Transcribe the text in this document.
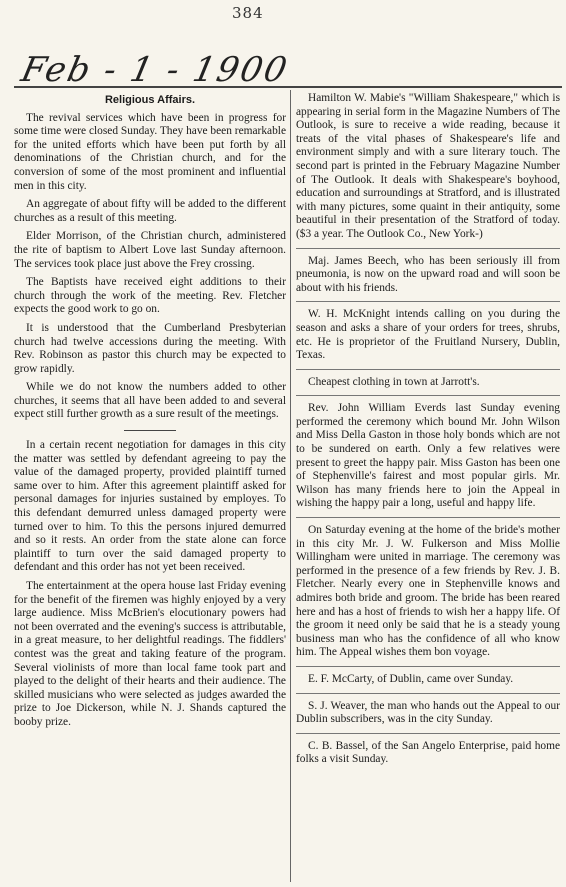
384
Feb - 1 - 1900
Religious Affairs.

The revival services which have been in progress for some time were closed Sunday. They have been remarkable for the united efforts which have been put forth by all denominations of the Christian church, and for the conversion of some of the most prominent and influential men in this city.

An aggregate of about fifty will be added to the different churches as a result of this meeting.

Elder Morrison, of the Christian church, administered the rite of baptism to Albert Love last Sunday afternoon. The services took place just above the Frey crossing.

The Baptists have received eight additions to their church through the work of the meeting. Rev. Fletcher expects the good work to go on.

It is understood that the Cumberland Presbyterian church had twelve accessions during the meeting. With Rev. Robinson as pastor this church may be expected to grow rapidly.

While we do not know the numbers added to other churches, it seems that all have been added to and several expect still further growth as a sure result of the meetings.

In a certain recent negotiation for damages in this city the matter was settled by defendant agreeing to pay the value of the damaged property, provided plaintiff turned same over to him. After this agreement plaintiff asked for personal damages for injuries sustained by employes. To this defendant demurred unless damaged property were turned over to him. To this the persons injured demurred and so it rests. An order from the state alone can force plaintiff to turn over the said damaged property to defendant and this order has not yet been received.

The entertainment at the opera house last Friday evening for the benefit of the firemen was highly enjoyed by a very large audience. Miss McBrien's elocutionary powers had not been overrated and the evening's success is attributable, in a great measure, to her delightful readings. The fiddlers' contest was the great and taking feature of the program. Several violinists of more than local fame took part and played to the delight of their hearts and their audience. The skilled musicians who were selected as judges awarded the prize to Joe Dickerson, while N. J. Shands captured the booby prize.

Hamilton W. Mabie's "William Shakespeare," which is appearing in serial form in the Magazine Numbers of The Outlook, is sure to receive a wide reading, because it treats of the vital phases of Shakespeare's life and environment simply and with a sure literary touch. The second part is printed in the February Magazine Number of The Outlook. It deals with Shakespeare's boyhood, education and surroundings at Stratford, and is illustrated with many pictures, some quaint in their antiquity, some beautiful in their presentation of the Stratford of today. ($3 a year. The Outlook Co., New York-)

Maj. James Beech, who has been seriously ill from pneumonia, is now on the upward road and will soon be about with his friends.

W. H. McKnight intends calling on you during the season and asks a share of your orders for trees, shrubs, etc. He is proprietor of the Fruitland Nursery, Dublin, Texas.

Cheapest clothing in town at Jarrott's.

Rev. John William Everds last Sunday evening performed the ceremony which bound Mr. John Wilson and Miss Della Gaston in those holy bonds which are not to be sundered on earth. Only a few relatives were present to greet the happy pair. Miss Gaston has been one of Stephenville's fairest and most popular girls. Mr. Wilson has many friends here to join the Appeal in wishing the happy pair a long, useful and happy life.

On Saturday evening at the home of the bride's mother in this city Mr. J. W. Fulkerson and Miss Mollie Willingham were united in marriage. The ceremony was performed in the presence of a few friends by Rev. J. B. Fletcher. Nearly every one in Stephenville knows and admires both bride and groom. The bride has been reared here and has a host of friends to wish her a happy life. Of the groom it need only be said that he is a steady young business man who has the confidence of all who know him. The Appeal wishes them bon voyage.

E. F. McCarty, of Dublin, came over Sunday.

S. J. Weaver, the man who hands out the Appeal to our Dublin subscribers, was in the city Sunday.

C. B. Bassel, of the San Angelo Enterprise, paid home folks a visit Sunday.
